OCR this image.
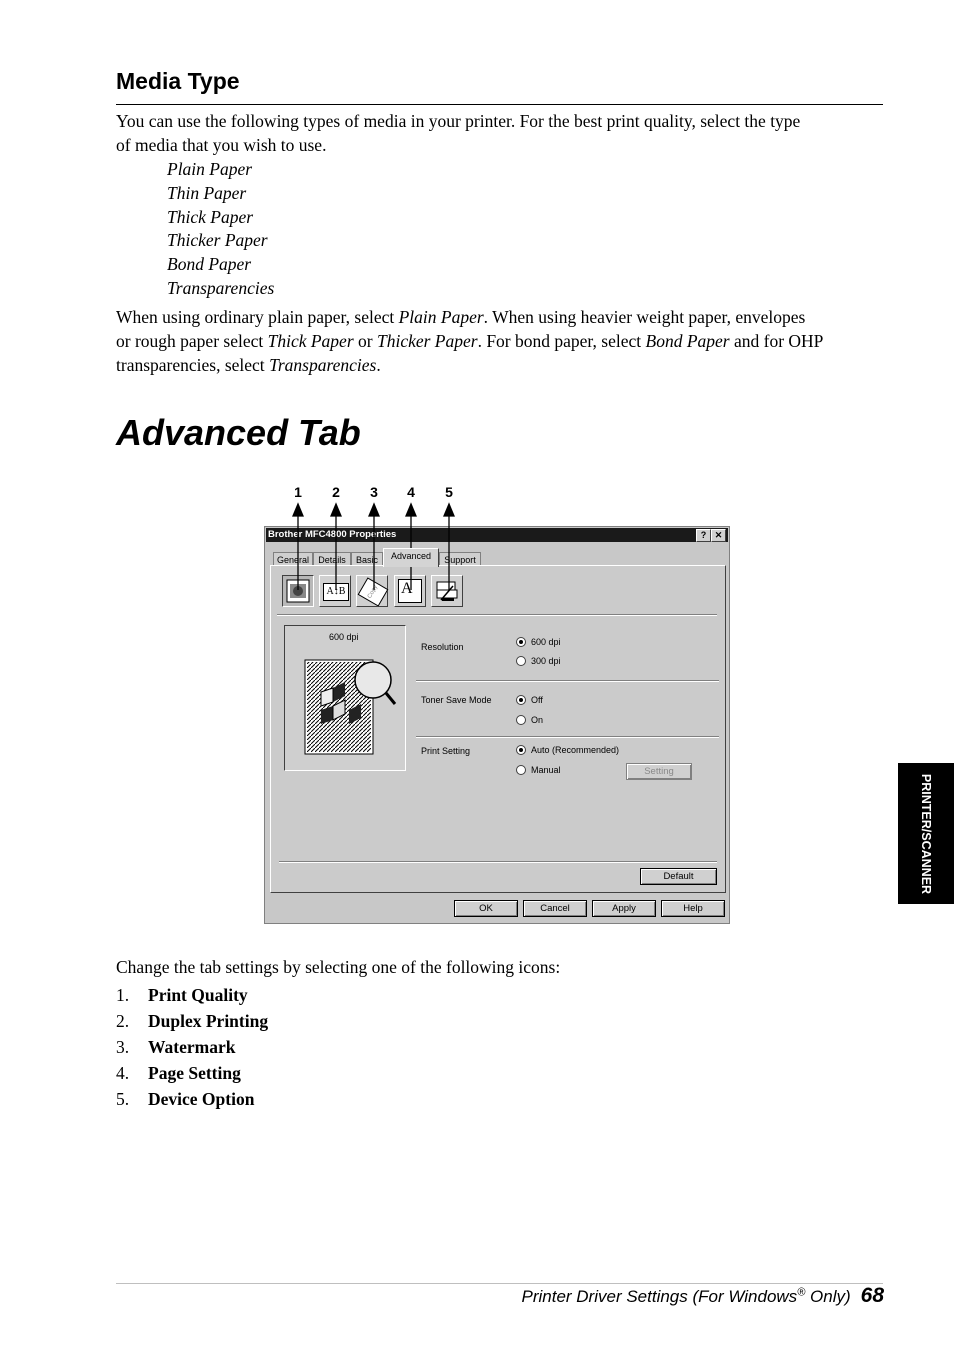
Media Type

You can use the following types of media in your printer. For the best print quality, select the type
of media that you wish to use.

Plain Paper
Thin Paper
Thick Paper
Thicker Paper
Bond Paper
Transparencies

When using ordinary plain paper, select Plain Paper. When using heavier weight paper, envelopes
or rough paper select Thick Paper or Thicker Paper. For bond paper, select Bond Paper and for OHP
transparencies, select Transparencies.

Advanced Tab
1 2 3 4 5
Brother MFC4800 Properties	? ✕
General	Details	Basic	Advanced	Support
A↕B	Copy	A
600 dpi
Resolution	600 dpi
300 dpi
Toner Save Mode	Off
On
Print Setting	Auto (Recommended)
Manual	Setting
Default
OK	Cancel	Apply	Help
PRINTER/SCANNER

Change the tab settings by selecting one of the following icons:

1. Print Quality
2. Duplex Printing
3. Watermark
4. Page Setting
5. Device Option
Printer Driver Settings (For Windows® Only) 68
